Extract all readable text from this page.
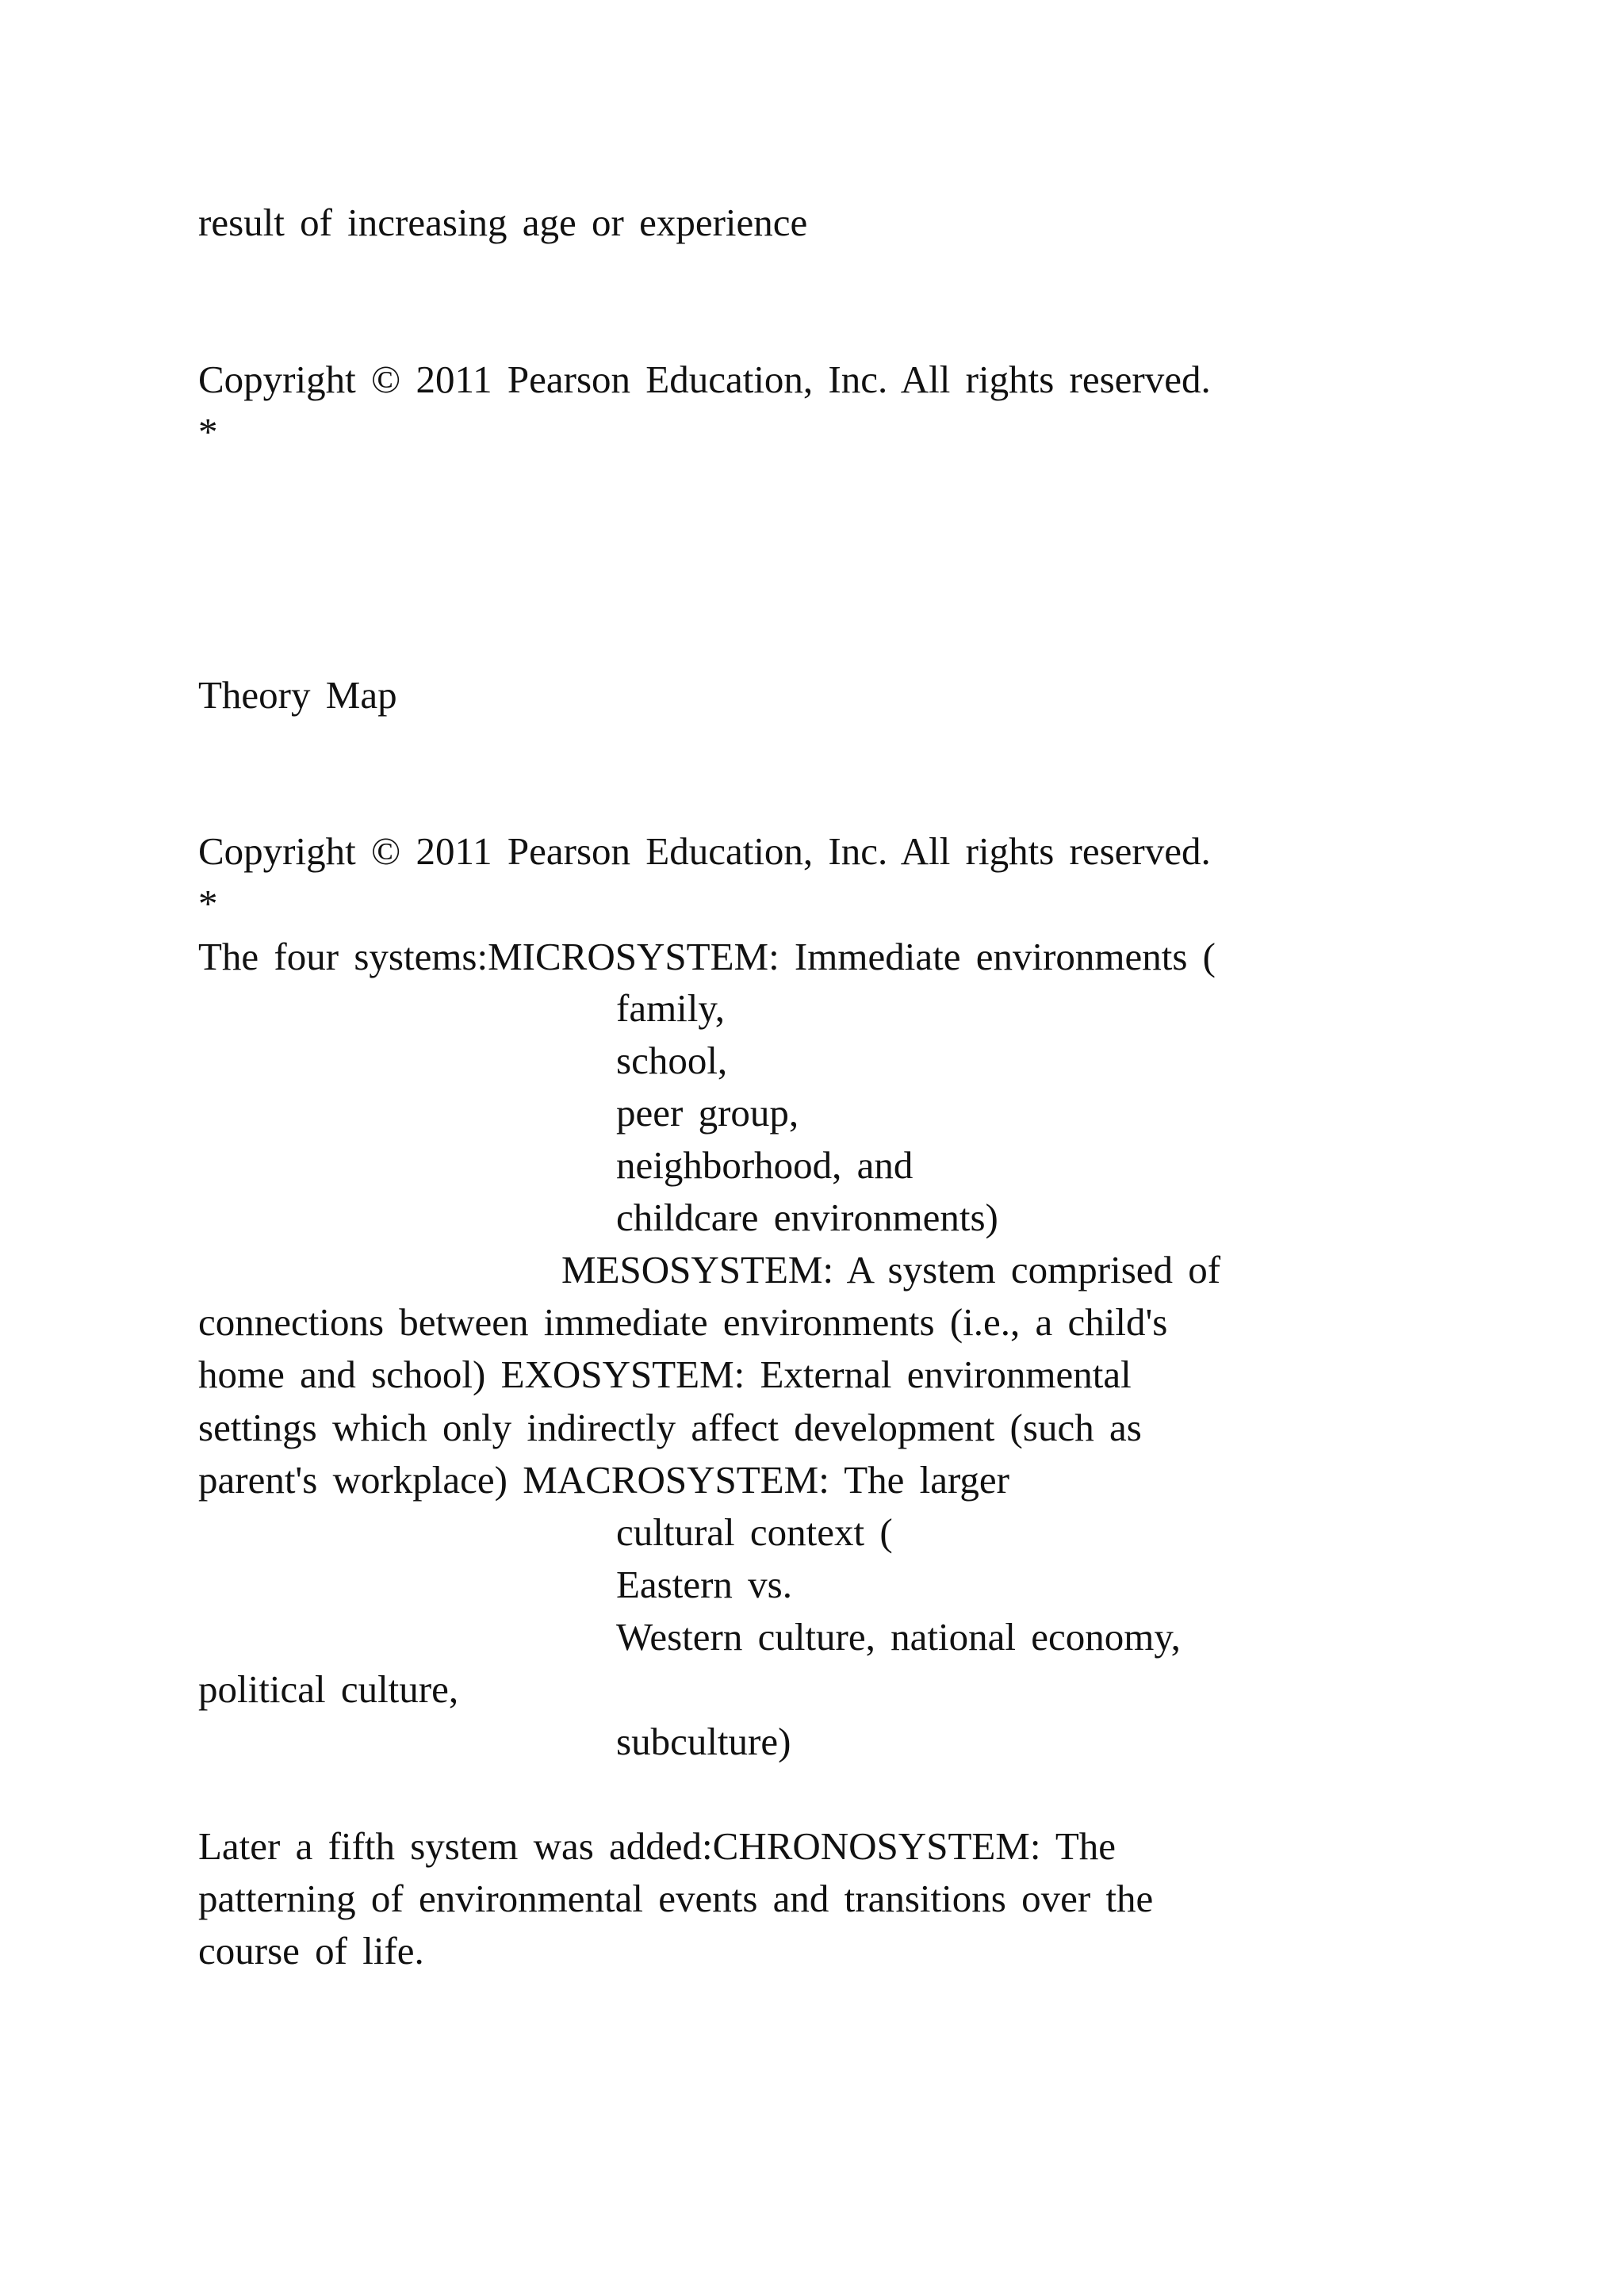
result of increasing age or experience
Copyright © 2011 Pearson Education, Inc. All rights reserved.
*
Theory Map
Copyright © 2011 Pearson Education, Inc. All rights reserved.
*
The four systems:MICROSYSTEM: Immediate environments (
family,
school,
peer group,
neighborhood, and
childcare environments)
MESOSYSTEM: A system comprised of
connections between immediate environments (i.e., a child's
home and school) EXOSYSTEM: External environmental
settings which only indirectly affect development (such as
parent's workplace) MACROSYSTEM: The larger
cultural context (
Eastern vs.
Western culture, national economy,
political culture,
subculture)
Later a fifth system was added:CHRONOSYSTEM: The
patterning of environmental events and transitions over the
course of life.
